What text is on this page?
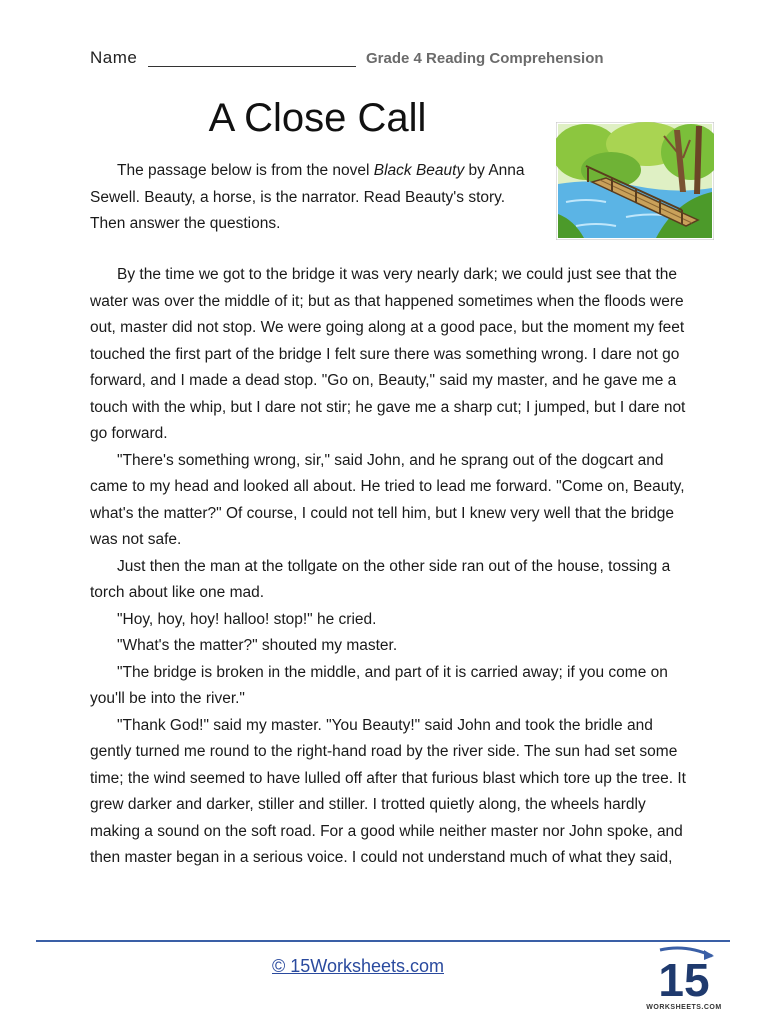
Name	Grade 4 Reading Comprehension
A Close Call

The passage below is from the novel Black Beauty by Anna Sewell. Beauty, a horse, is the narrator. Read Beauty's story. Then answer the questions.

By the time we got to the bridge it was very nearly dark; we could just see that the water was over the middle of it; but as that happened sometimes when the floods were out, master did not stop. We were going along at a good pace, but the moment my feet touched the first part of the bridge I felt sure there was something wrong. I dare not go forward, and I made a dead stop. "Go on, Beauty," said my master, and he gave me a touch with the whip, but I dare not stir; he gave me a sharp cut; I jumped, but I dare not go forward.

"There's something wrong, sir," said John, and he sprang out of the dogcart and came to my head and looked all about. He tried to lead me forward. "Come on, Beauty, what's the matter?" Of course, I could not tell him, but I knew very well that the bridge was not safe.

Just then the man at the tollgate on the other side ran out of the house, tossing a torch about like one mad.

"Hoy, hoy, hoy! halloo! stop!" he cried.

"What's the matter?" shouted my master.

"The bridge is broken in the middle, and part of it is carried away; if you come on you'll be into the river."

"Thank God!" said my master. "You Beauty!" said John and took the bridle and gently turned me round to the right-hand road by the river side. The sun had set some time; the wind seemed to have lulled off after that furious blast which tore up the tree. It grew darker and darker, stiller and stiller. I trotted quietly along, the wheels hardly making a sound on the soft road. For a good while neither master nor John spoke, and then master began in a serious voice. I could not understand much of what they said,

© 15Worksheets.com	15
WORKSHEETS.COM
